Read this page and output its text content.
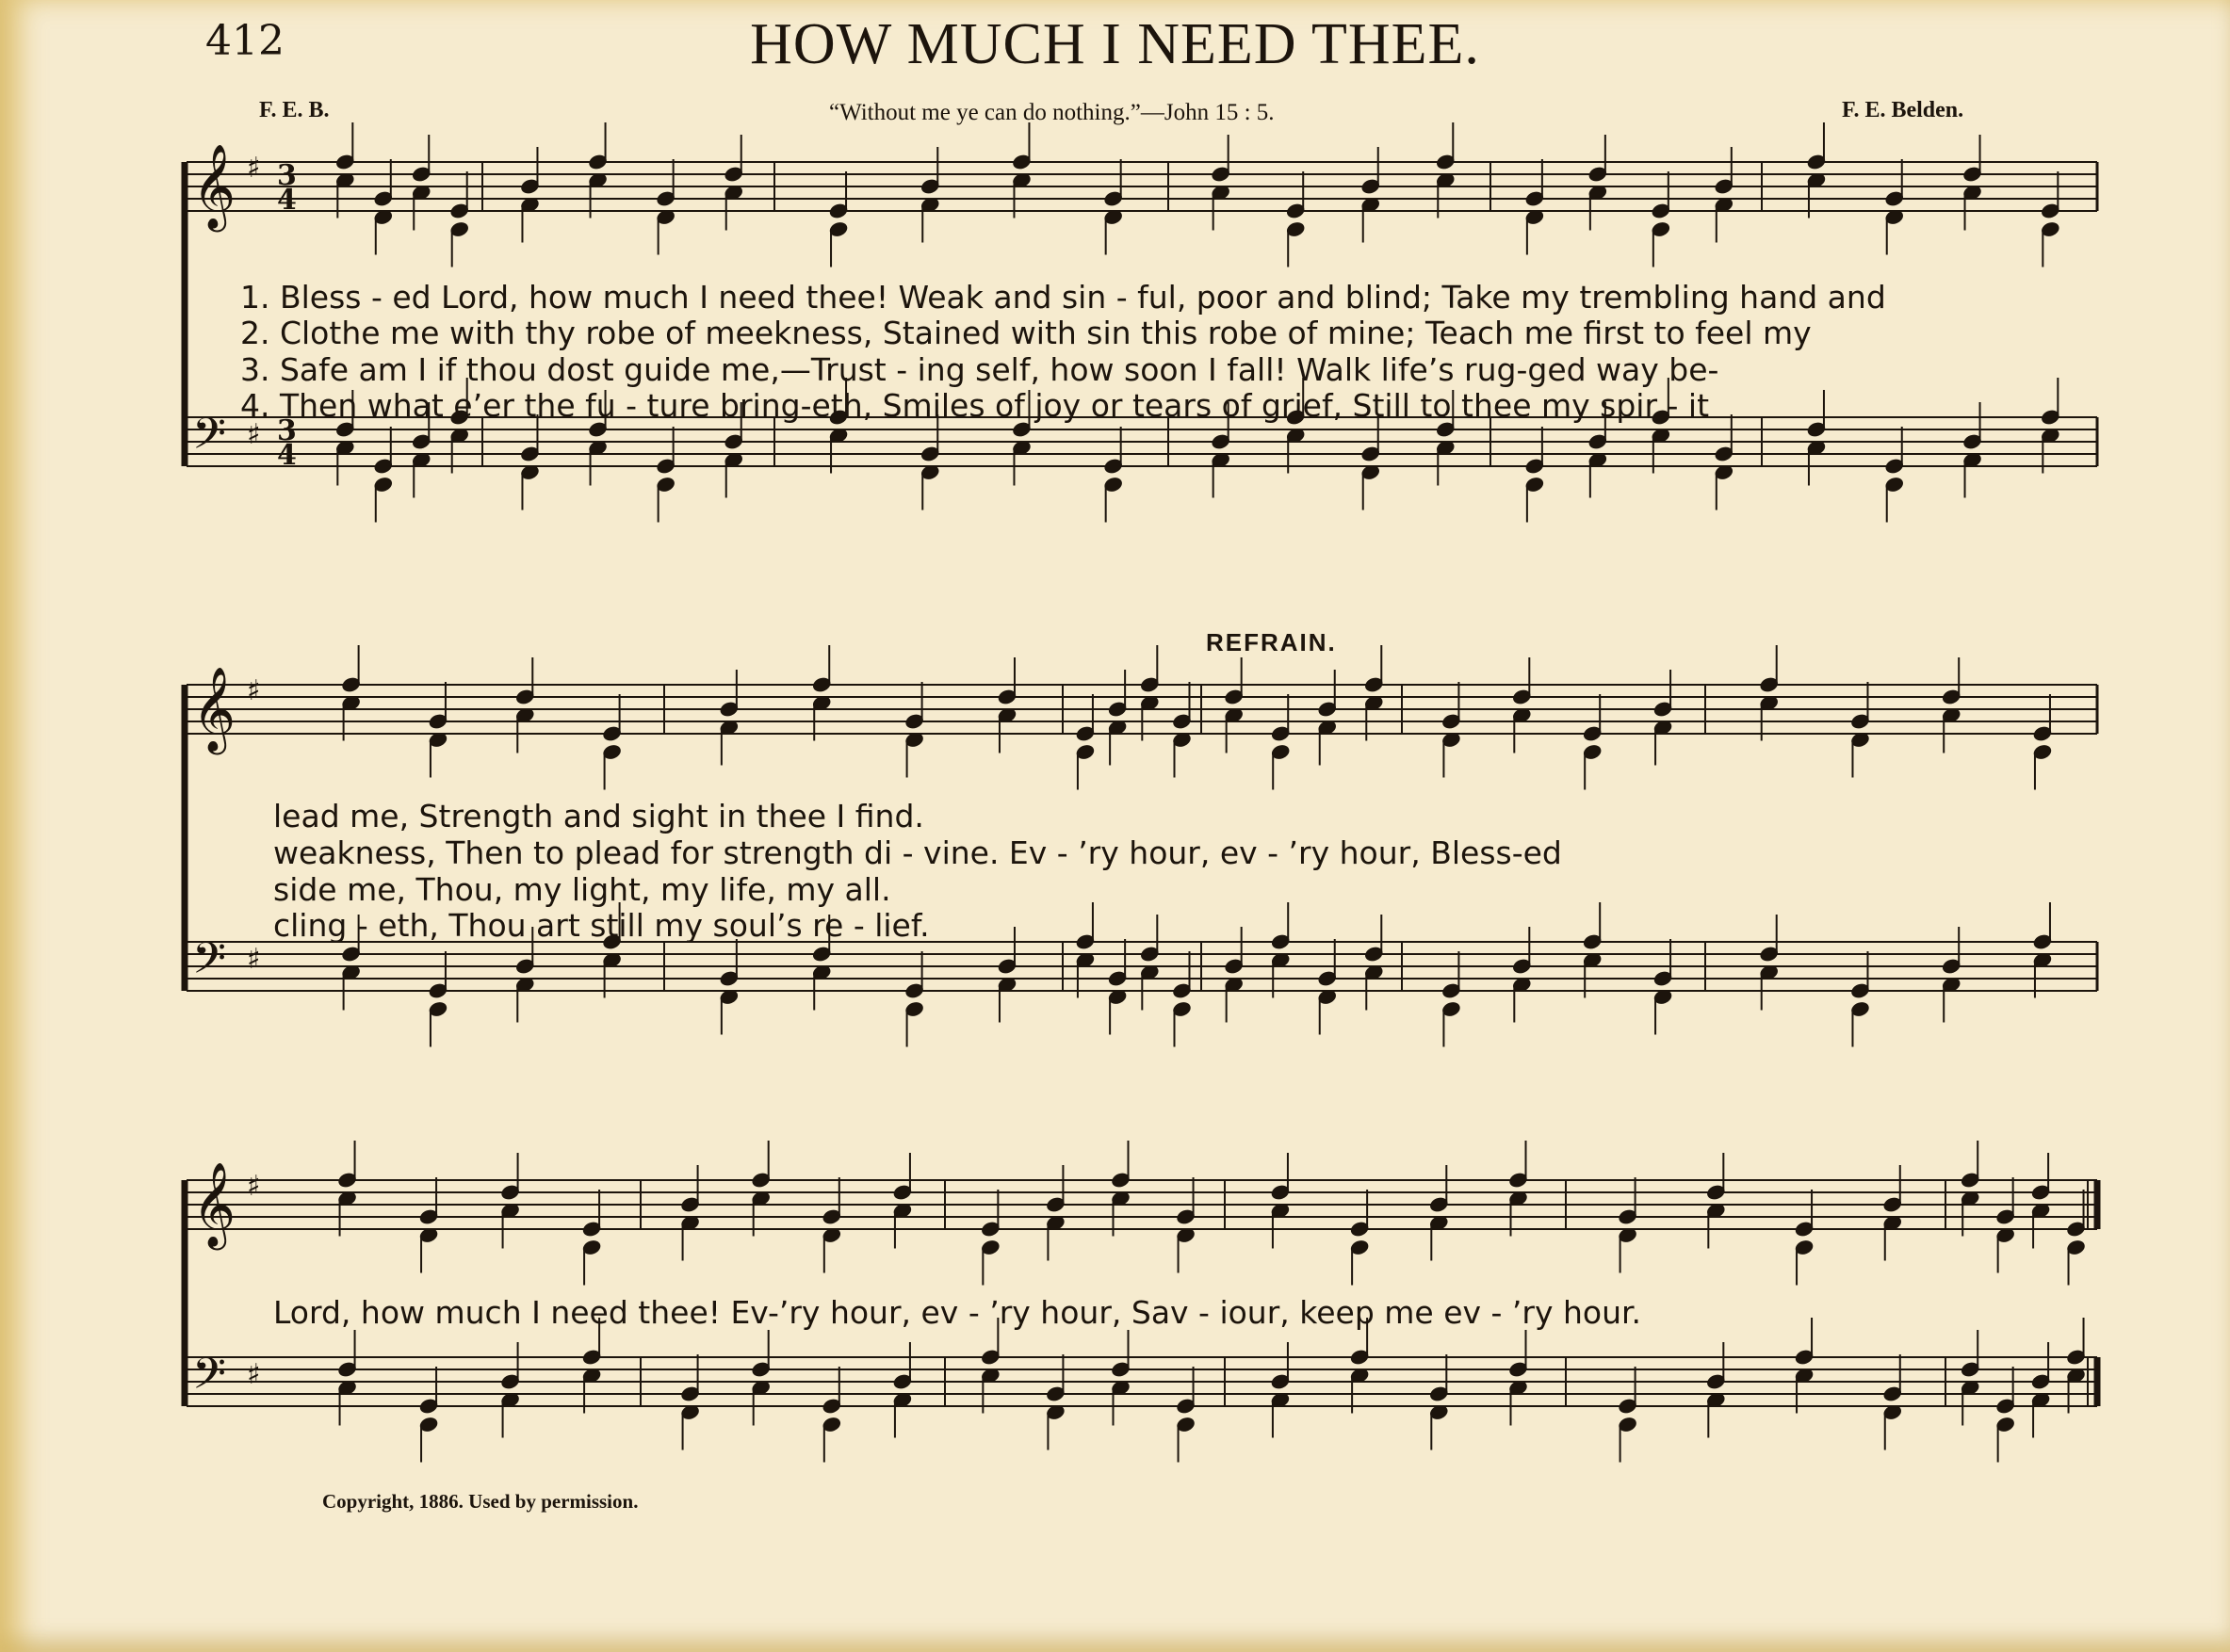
412	HOW MUCH I NEED THEE.
F. E. B.	“Without me ye can do nothing.”—John 15 : 5.	F. E. Belden.
𝄞 ♯ 3
4
𝄢 ♯ 3
4
𝄞 ♯
𝄢 ♯
𝄞 ♯
𝄢 ♯
1. Bless - ed Lord, how much I need thee! Weak and sin - ful, poor and blind; Take my trembling hand and
2. Clothe me with thy robe of meekness, Stained with sin this robe of mine; Teach me first to feel my
3. Safe am I if thou dost guide me,—Trust - ing self, how soon I fall! Walk life’s rug-ged way be-
4. Then what e’er the fu - ture bring-eth, Smiles of joy or tears of grief, Still to thee my spir - it
REFRAIN.
lead me, Strength and sight in thee I find.
weakness, Then to plead for strength di - vine. Ev - ’ry hour, ev - ’ry hour, Bless-ed
side me, Thou, my light, my life, my all.
cling - eth, Thou art still my soul’s re - lief.
Lord, how much I need thee! Ev-’ry hour, ev - ’ry hour, Sav - iour, keep me ev - ’ry hour.
Copyright, 1886. Used by permission.
